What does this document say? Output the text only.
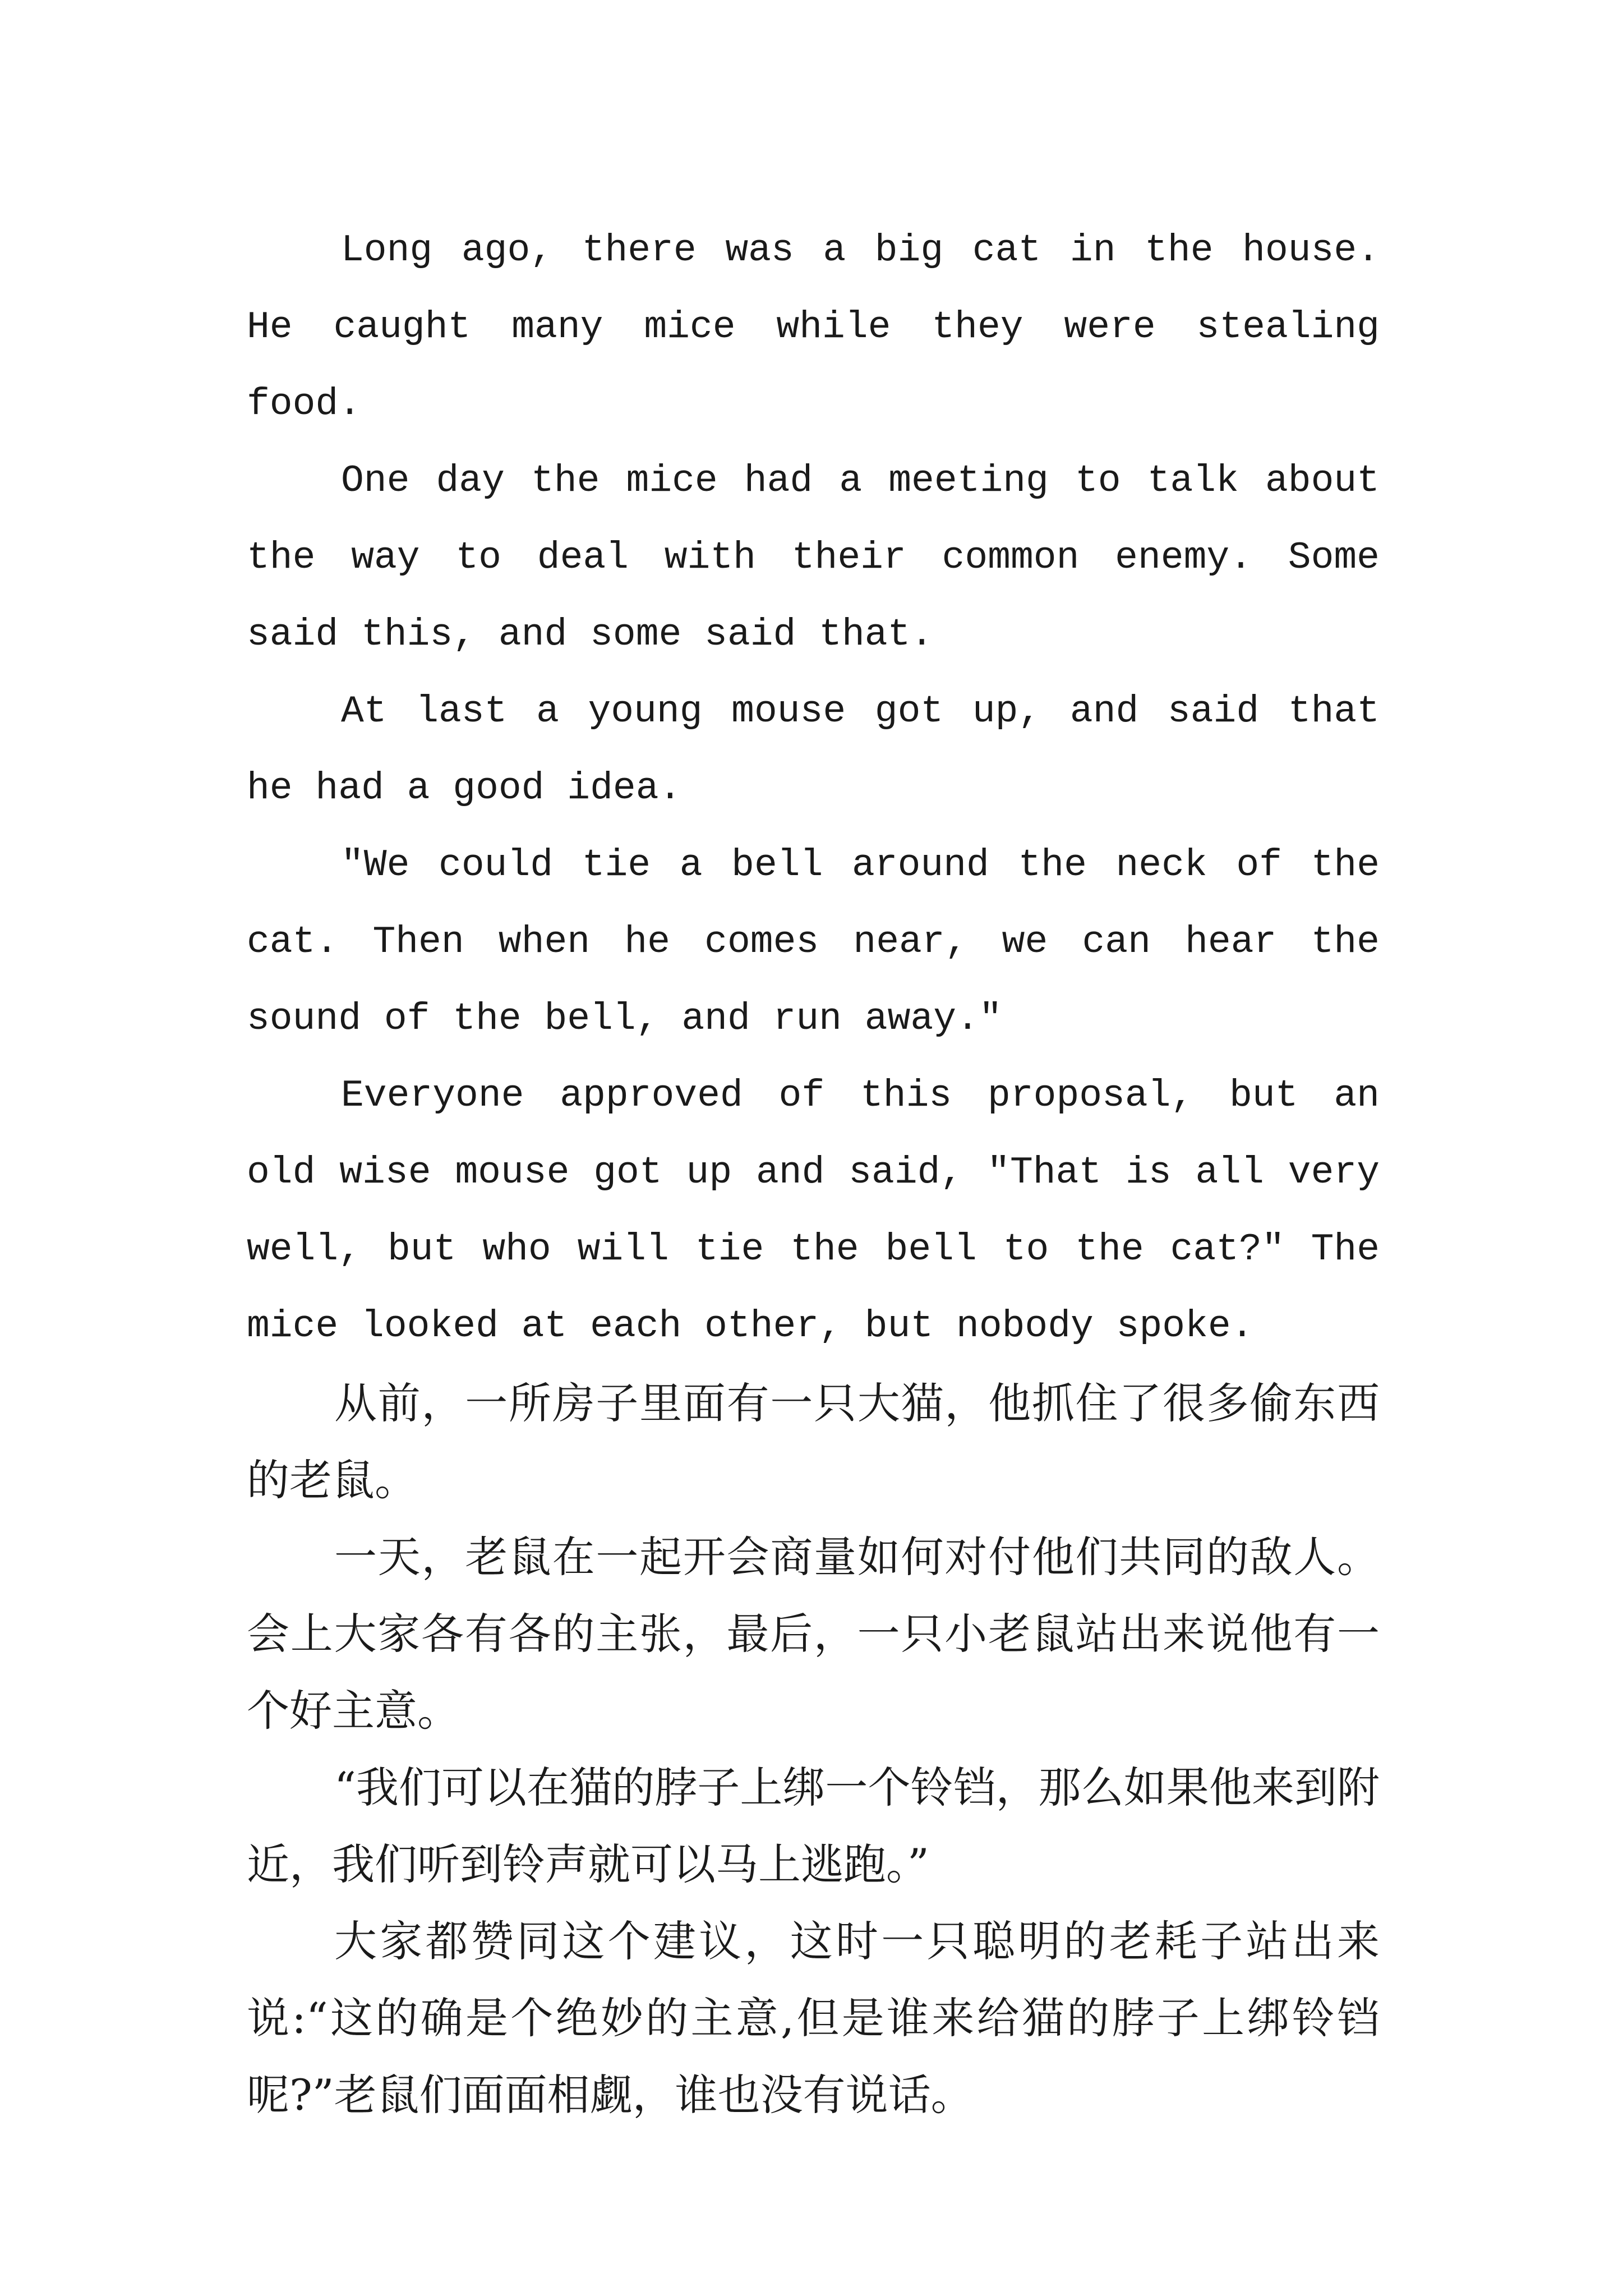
Long ago, there was a big cat in the house. He caught many mice while they were stealing food.

One day the mice had a meeting to talk about the way to deal with their common enemy. Some said this, and some said that.

At last a young mouse got up, and said that he had a good idea.

"We could tie a bell around the neck of the cat. Then when he comes near, we can hear the sound of the bell, and run away."

Everyone approved of this proposal, but an old wise mouse got up and said, "That is all very well, but who will tie the bell to the cat?" The mice looked at each other, but nobody spoke.

从前，一所房子里面有一只大猫，他抓住了很多偷东西的老鼠。

一天，老鼠在一起开会商量如何对付他们共同的敌人。会上大家各有各的主张，最后，一只小老鼠站出来说他有一个好主意。

“我们可以在猫的脖子上绑一个铃铛，那么如果他来到附近，我们听到铃声就可以马上逃跑。”

大家都赞同这个建议，这时一只聪明的老耗子站出来说:“这的确是个绝妙的主意,但是谁来给猫的脖子上绑铃铛呢?”老鼠们面面相觑，谁也没有说话。
